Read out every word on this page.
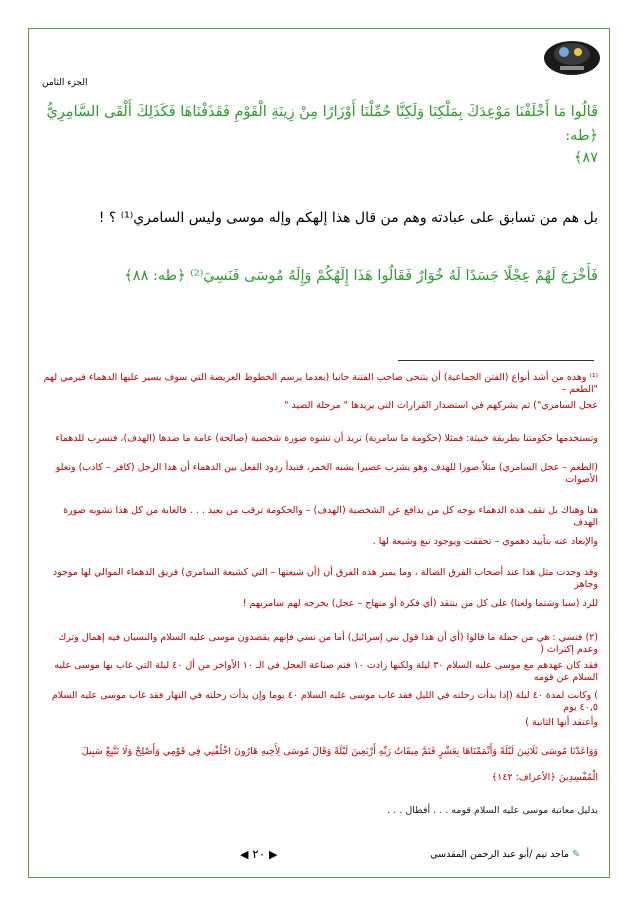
الجزء الثامن

قَالُوا مَا أَخْلَفْنَا مَوْعِدَكَ بِمَلْكِنَا وَلَكِنَّا حُمِّلْنَا أَوْزَارًا مِنْ زِينَةِ الْقَوْمِ فَقَذَفْنَاهَا فَكَذَلِكَ أَلْقَى السَّامِرِيُّ ﴿طه:

٨٧﴾

بل هم من تسابق على عبادته وهم من قال هذا إلهكم وإله موسى وليس السامري⁽¹⁾ ؟ !

فَأَخْرَجَ لَهُمْ عِجْلًا جَسَدًا لَهُ خُوَارٌ فَقَالُوا هَذَا إِلَهُكُمْ وَإِلَهُ مُوسَى فَنَسِيَ⁽²⁾ ﴿طه: ٨٨﴾

⁽¹⁾ وهذه من أشد أنواع (الفتن الجماعية) أن يتنحى صاحب الفتنة جانبا (بعدما يرسم الخطوط العريضة التي سوف يسير عليها الدهماء فيرمي لهم "الطعم –

عجل السامري") ثم يشركهم في استصدار القرارات التي يريدها " مرحلة الصيد "

وتستخدمها حكومتنا بطريقة خبيثة: فمثلا (حكومة ما سامرية) تريد أن تشوه صورة شخصية (صالحة) عامة ما ضدها (الهدف)، فتسرب للدهماء

(الطعم – عجل السامري) مثلاً صورا للهدف وهو يشرب عصيرا يشبه الخمر، فتبدأ ردود الفعل بين الدهماء أن هذا الرجل (كافر – كاذب) وتعلو الأصوات

هنا وهناك بل تقف هذه الدهماء بوجه كل من يدافع عن الشخصية (الهدف) – والحكومة ترقب من بعيد . . . فالغاية من كل هذا تشويه صورة الهدف

والإبعاد عنه بتأييد دهموي – تحققت ويوجود تبع وشيعة لها .

وقد وجدت مثل هذا عند أصحاب الفرق الضالة ، وما يميز هذه الفرق أن (أن شيعتها – التي كشيعة السامري) فريق الدهماء الموالي لها موجود وجاهز

للرد (سبا وشتما ولعنا) على كل من ينتقد (أي فكرة أو منهاج – عجل) يخرجه لهم سامريهم !

(٢) فنسي : هي من جملة ما قالوا (أي أن هذا قول بني إسرائيل) أما من نسي فإنهم يقصدون موسى عليه السلام والنسيان فيه إهمال وترك وعدم إكتراث (

فقد كان عهدهم مع موسى عليه السلام ٣٠ ليلة ولكنها زادت ١٠ فتم صناعة العجل في الـ ١٠ الأواخر من أل ٤٠ ليلة التي غاب بها موسى عليه السلام عن قومه

) وكانت لمدة ٤٠ ليلة (إذا بدأت رحلته في الليل فقد غاب موسى عليه السلام ٤٠ يوما وإن بدأت رحلته في النهار فقد غاب موسى عليه السلام ٤٠,٥ يوم

وأعتقد أنها الثانية )

وَوَاعَدْنَا مُوسَى ثَلَاثِينَ لَيْلَةً وَأَتْمَمْنَاهَا بِعَشْرٍ فَتَمَّ مِيقَاتُ رَبِّهِ أَرْبَعِينَ لَيْلَةً وَقَالَ مُوسَى لِأَخِيهِ هَارُونَ اخْلُفْنِي فِي قَوْمِي وَأَصْلِحْ وَلَا تَتَّبِعْ سَبِيلَ

الْمُفْسِدِينَ ﴿الأعراف: ١٤٢﴾

بدليل معاتبة موسى عليه السلام قومه . . . أفطال . . .

▶ ٢٠ ◀	✎ ماجد تيم /أبو عبد الرحمن المقدسي
